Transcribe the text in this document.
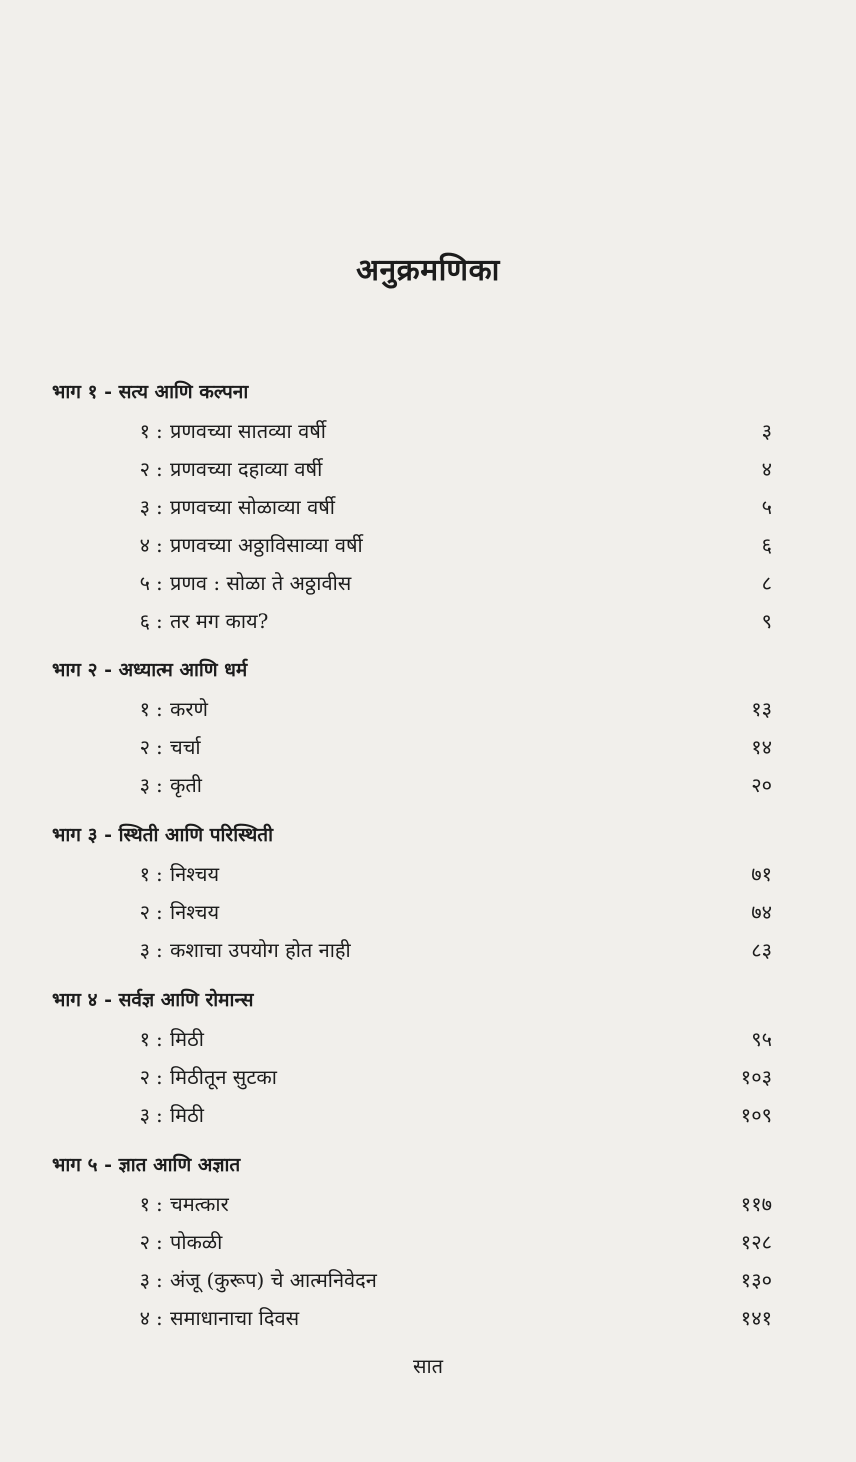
अनुक्रमणिका
भाग १ - सत्य आणि कल्पना
१ : प्रणवच्या सातव्या वर्षी	३
२ : प्रणवच्या दहाव्या वर्षी	४
३ : प्रणवच्या सोळाव्या वर्षी	५
४ : प्रणवच्या अठ्ठाविसाव्या वर्षी	६
५ : प्रणव : सोळा ते अठ्ठावीस	८
६ : तर मग काय?	९
भाग २ - अध्यात्म आणि धर्म
१ : करणे	१३
२ : चर्चा	१४
३ : कृती	२०
भाग ३ - स्थिती आणि परिस्थिती
१ : निश्चय	७१
२ : निश्चय	७४
३ : कशाचा उपयोग होत नाही	८३
भाग ४ - सर्वज्ञ आणि रोमान्स
१ : मिठी	९५
२ : मिठीतून सुटका	१०३
३ : मिठी	१०९
भाग ५ - ज्ञात आणि अज्ञात
१ : चमत्कार	११७
२ : पोकळी	१२८
३ : अंजू (कुरूप) चे आत्मनिवेदन	१३०
४ : समाधानाचा दिवस	१४१
सात
